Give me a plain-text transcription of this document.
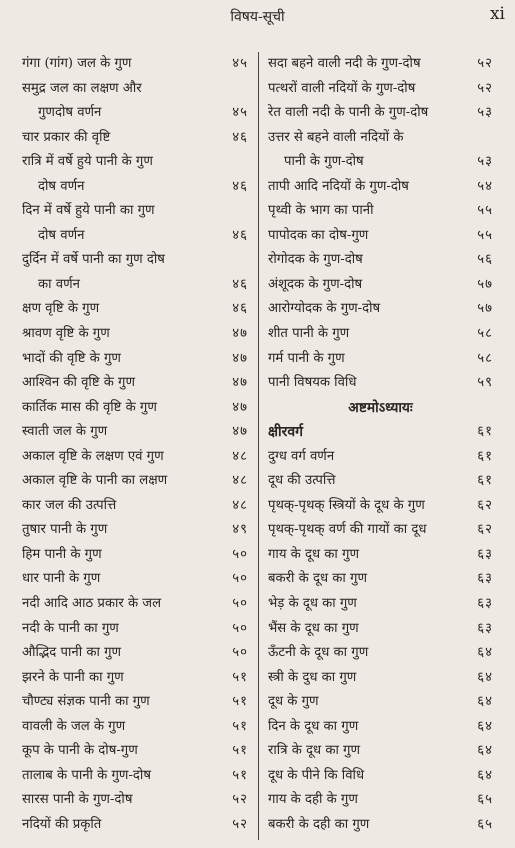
विषय-सूची	xi
गंगा (गांग) जल के गुण	४५
समुद्र जल का लक्षण और
गुणदोष वर्णन	४५
चार प्रकार की वृष्टि	४६
रात्रि में वर्षे हुये पानी के गुण
दोष वर्णन	४६
दिन में वर्षे हुये पानी का गुण
दोष वर्णन	४६
दुर्दिन में वर्षे पानी का गुण दोष
का वर्णन	४६
क्षण वृष्टि के गुण	४६
श्रावण वृष्टि के गुण	४७
भादों की वृष्टि के गुण	४७
आश्विन की वृष्टि के गुण	४७
कार्तिक मास की वृष्टि के गुण	४७
स्वाती जल के गुण	४७
अकाल वृष्टि के लक्षण एवं गुण	४८
अकाल वृष्टि के पानी का लक्षण	४८
कार जल की उत्पत्ति	४८
तुषार पानी के गुण	४९
हिम पानी के गुण	५०
धार पानी के गुण	५०
नदी आदि आठ प्रकार के जल	५०
नदी के पानी का गुण	५०
औद्भिद पानी का गुण	५०
झरने के पानी का गुण	५१
चौण्ट्य संज्ञक पानी का गुण	५१
वावली के जल के गुण	५१
कूप के पानी के दोष-गुण	५१
तालाब के पानी के गुण-दोष	५१
सारस पानी के गुण-दोष	५२
नदियों की प्रकृति	५२
सदा बहने वाली नदी के गुण-दोष	५२
पत्थरों वाली नदियों के गुण-दोष	५२
रेत वाली नदी के पानी के गुण-दोष	५३
उत्तर से बहने वाली नदियों के
पानी के गुण-दोष	५३
तापी आदि नदियों के गुण-दोष	५४
पृथ्वी के भाग का पानी	५५
पापोदक का दोष-गुण	५५
रोगोदक के गुण-दोष	५६
अंशूदक के गुण-दोष	५७
आरोग्योदक के गुण-दोष	५७
शीत पानी के गुण	५८
गर्म पानी के गुण	५८
पानी विषयक विधि	५९
अष्टमोऽध्यायः
क्षीरवर्ग	६१
दुग्ध वर्ग वर्णन	६१
दूध की उत्पत्ति	६१
पृथक्-पृथक् स्त्रियों के दूध के गुण	६२
पृथक्-पृथक् वर्ण की गायों का दूध	६२
गाय के दूध का गुण	६३
बकरी के दूध का गुण	६३
भेड़ के दूध का गुण	६३
भैंस के दूध का गुण	६३
ऊँटनी के दूध का गुण	६४
स्त्री के दुध का गुण	६४
दूध के गुण	६४
दिन के दूध का गुण	६४
रात्रि के दूध का गुण	६४
दूध के पीने कि विधि	६४
गाय के दही के गुण	६५
बकरी के दही का गुण	६५
